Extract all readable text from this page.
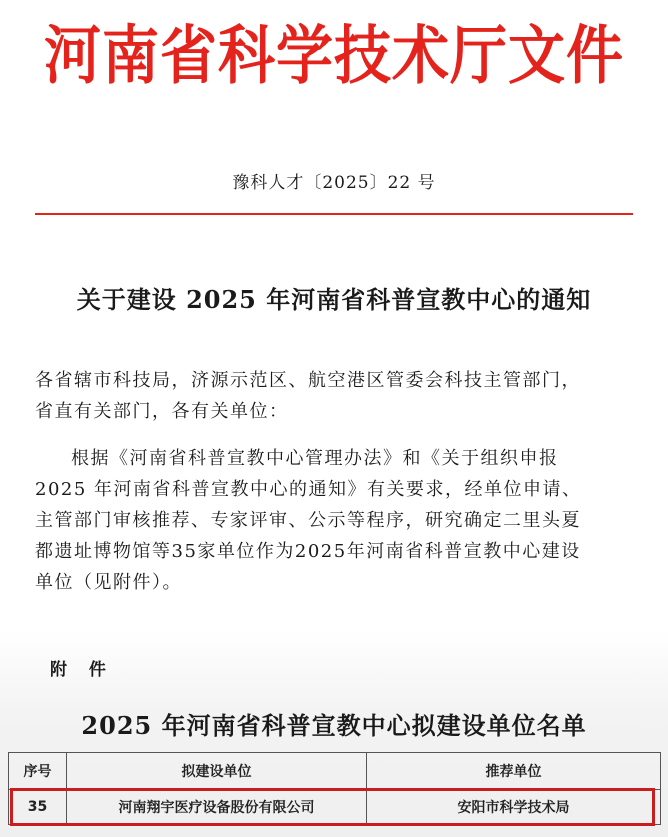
河南省科学技术厅文件
豫科人才〔2025〕22 号
关于建设 2025 年河南省科普宣教中心的通知
各省辖市科技局，济源示范区、航空港区管委会科技主管部门，
省直有关部门，各有关单位：
根据《河南省科普宣教中心管理办法》和《关于组织申报
2025 年河南省科普宣教中心的通知》有关要求，经单位申请、
主管部门审核推荐、专家评审、公示等程序，研究确定二里头夏
都遗址博物馆等35家单位作为2025年河南省科普宣教中心建设
单位（见附件）。
附 件
2025 年河南省科普宣教中心拟建设单位名单
序号	拟建设单位	推荐单位
35	河南翔宇医疗设备股份有限公司	安阳市科学技术局
